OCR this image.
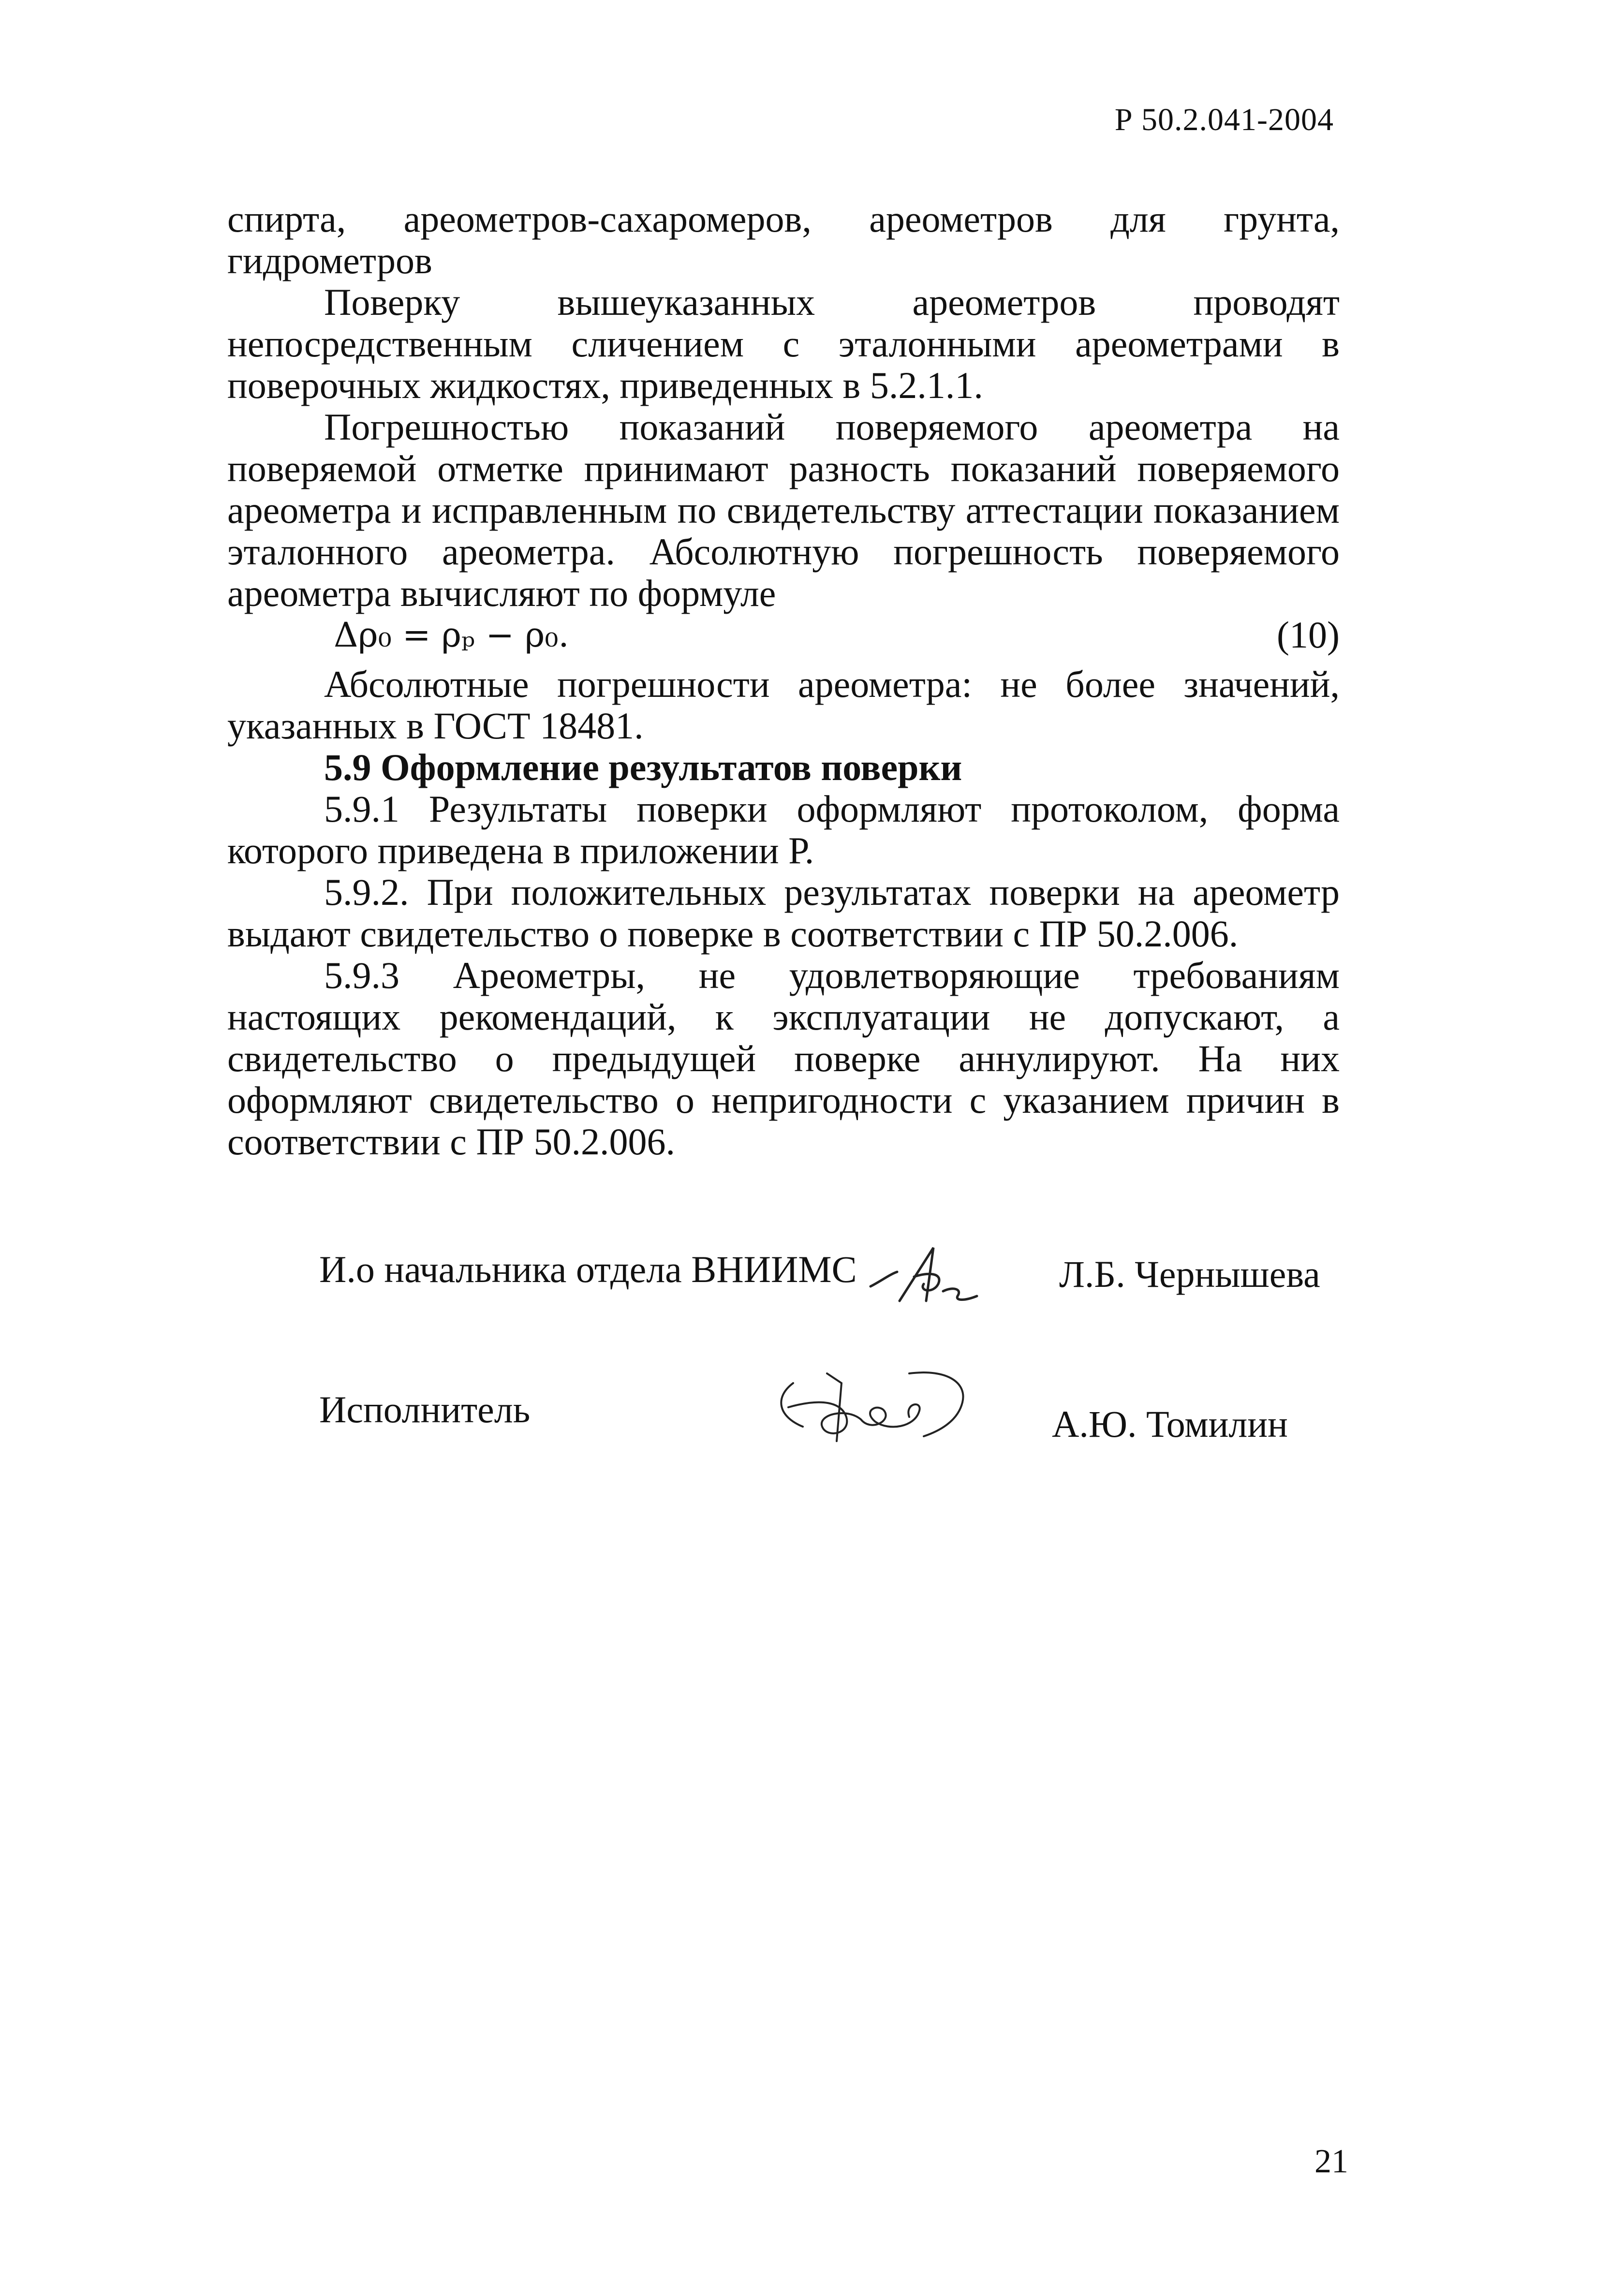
Р 50.2.041-2004

спирта, ареометров-сахаромеров, ареометров для грунта, гидрометров

Поверку вышеуказанных ареометров проводят непосредственным сличением с эталонными ареометрами в поверочных жидкостях, приведенных в 5.2.1.1.

Погрешностью показаний поверяемого ареометра на поверяемой отметке принимают разность показаний поверяемого ареометра и исправленным по свидетельству аттестации показанием эталонного ареометра. Абсолютную погрешность поверяемого ареометра вычисляют по формуле

Δρ₀ = ρₚ − ρ₀.	(10)

Абсолютные погрешности ареометра: не более значений, указанных в ГОСТ 18481.

5.9 Оформление результатов поверки

5.9.1 Результаты поверки оформляют протоколом, форма которого приведена в приложении Р.

5.9.2. При положительных результатах поверки на ареометр выдают свидетельство о поверке в соответствии с ПР 50.2.006.

5.9.3 Ареометры, не удовлетворяющие требованиям настоящих рекомендаций, к эксплуатации не допускают, а свидетельство о предыдущей поверке аннулируют. На них оформляют свидетельство о непригодности с указанием причин в соответствии с ПР 50.2.006.

И.о начальника отдела ВНИИМС	Л.Б. Чернышева
Исполнитель	А.Ю. Томилин
21
